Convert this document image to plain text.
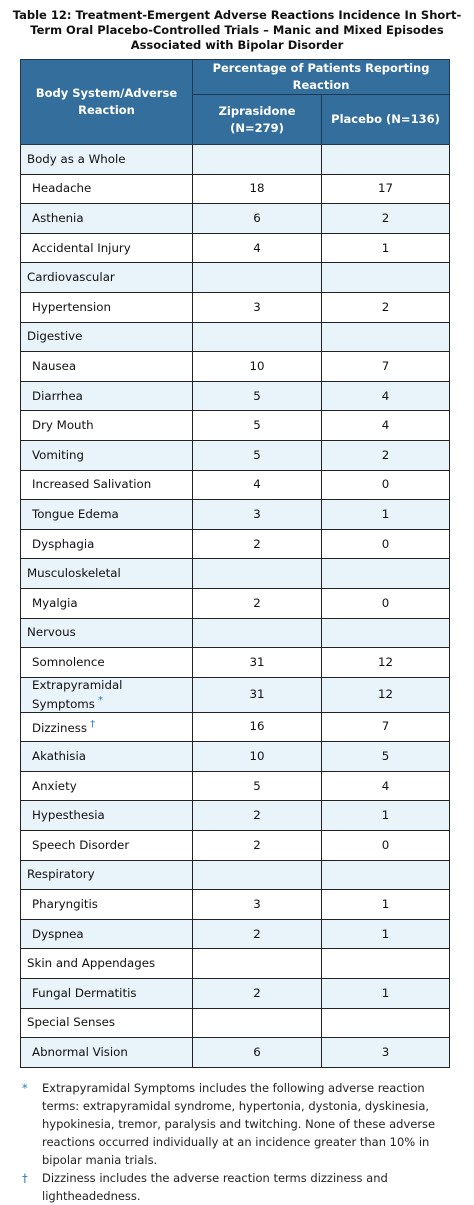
Table 12: Treatment-Emergent Adverse Reactions Incidence In Short-Term Oral Placebo-Controlled Trials – Manic and Mixed Episodes Associated with Bipolar Disorder
Body System/Adverse Reaction	Percentage of Patients Reporting Reaction	
	Ziprasidone (N=279)	Placebo (N=136)
Body as a Whole		
Headache	18	17
Asthenia	6	2
Accidental Injury	4	1
Cardiovascular		
Hypertension	3	2
Digestive		
Nausea	10	7
Diarrhea	5	4
Dry Mouth	5	4
Vomiting	5	2
Increased Salivation	4	0
Tongue Edema	3	1
Dysphagia	2	0
Musculoskeletal		
Myalgia	2	0
Nervous		
Somnolence	31	12
Extrapyramidal Symptoms *	31	12
Dizziness †	16	7
Akathisia	10	5
Anxiety	5	4
Hypesthesia	2	1
Speech Disorder	2	0
Respiratory		
Pharyngitis	3	1
Dyspnea	2	1
Skin and Appendages		
Fungal Dermatitis	2	1
Special Senses		
Abnormal Vision	6	3
*	Extrapyramidal Symptoms includes the following adverse reaction terms: extrapyramidal syndrome, hypertonia, dystonia, dyskinesia, hypokinesia, tremor, paralysis and twitching. None of these adverse reactions occurred individually at an incidence greater than 10% in bipolar mania trials.
†	Dizziness includes the adverse reaction terms dizziness and lightheadedness.
